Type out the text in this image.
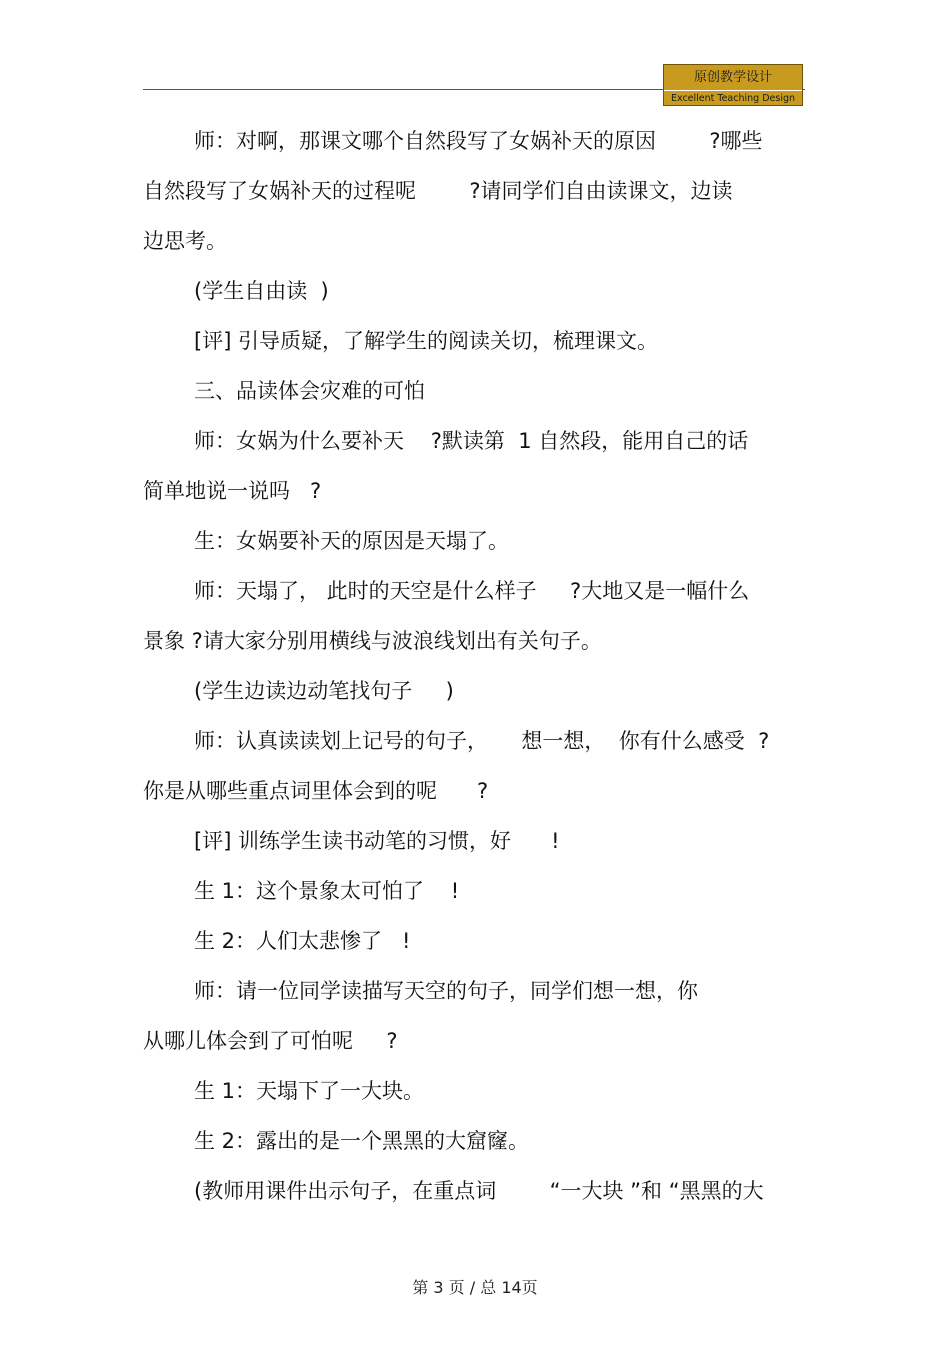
原创教学设计
Excellent Teaching Design
师：对啊，那课文哪个自然段写了女娲补天的原因        ?哪些
自然段写了女娲补天的过程呢        ?请同学们自由读课文，边读
边思考。
(学生自由读  )
[评] 引导质疑，了解学生的阅读关切，梳理课文。
三、品读体会灾难的可怕
师：女娲为什么要补天    ?默读第  1 自然段，能用自己的话
简单地说一说吗   ?
生：女娲要补天的原因是天塌了。
师：天塌了， 此时的天空是什么样子     ?大地又是一幅什么
景象 ?请大家分别用横线与波浪线划出有关句子。
(学生边读边动笔找句子     )
师：认真读读划上记号的句子，     想一想，  你有什么感受  ?
你是从哪些重点词里体会到的呢      ?
[评] 训练学生读书动笔的习惯，好      !
生 1：这个景象太可怕了    !
生 2：人们太悲惨了   !
师：请一位同学读描写天空的句子，同学们想一想，你
从哪儿体会到了可怕呢     ?
生 1：天塌下了一大块。
生 2：露出的是一个黑黑的大窟窿。
(教师用课件出示句子，在重点词        “一大块 ”和 “黑黑的大
第 3 页 / 总 14页
